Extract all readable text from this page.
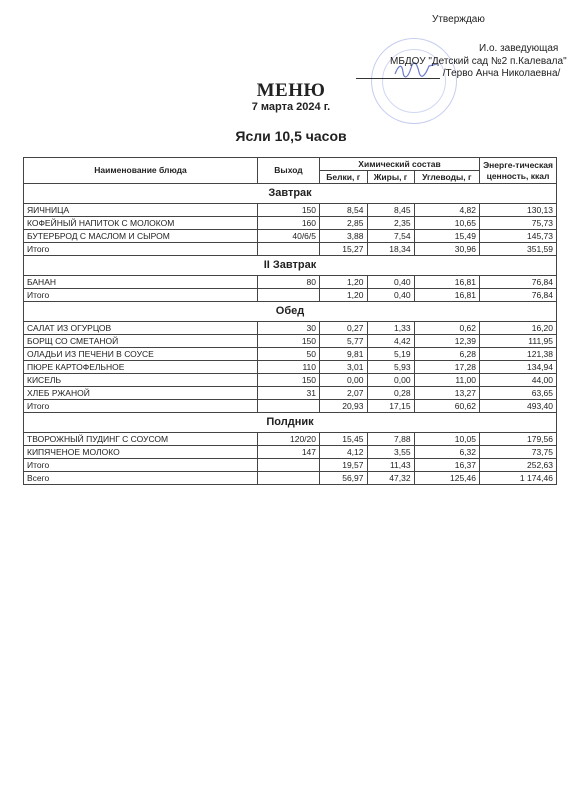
Утверждаю
И.о. заведующая
МБДОУ "Детский сад №2 п.Калевала"
/Терво Анча Николаевна/
МЕНЮ
7 марта 2024 г.
Ясли 10,5 часов
Наименование блюда	Выход	Химический состав			Энерге-тическая ценность, ккал
		Белки, г	Жиры, г	Углеводы, г	
Завтрак					
ЯИЧНИЦА	150	8,54	8,45	4,82	130,13
КОФЕЙНЫЙ НАПИТОК С МОЛОКОМ	160	2,85	2,35	10,65	75,73
БУТЕРБРОД С МАСЛОМ И СЫРОМ	40/6/5	3,88	7,54	15,49	145,73
Итого		15,27	18,34	30,96	351,59
II Завтрак					
БАНАН	80	1,20	0,40	16,81	76,84
Итого		1,20	0,40	16,81	76,84
Обед					
САЛАТ ИЗ ОГУРЦОВ	30	0,27	1,33	0,62	16,20
БОРЩ СО СМЕТАНОЙ	150	5,77	4,42	12,39	111,95
ОЛАДЬИ ИЗ ПЕЧЕНИ В СОУСЕ	50	9,81	5,19	6,28	121,38
ПЮРЕ КАРТОФЕЛЬНОЕ	110	3,01	5,93	17,28	134,94
КИСЕЛЬ	150	0,00	0,00	11,00	44,00
ХЛЕБ РЖАНОЙ	31	2,07	0,28	13,27	63,65
Итого		20,93	17,15	60,62	493,40
Полдник					
ТВОРОЖНЫЙ ПУДИНГ С СОУСОМ	120/20	15,45	7,88	10,05	179,56
КИПЯЧЕНОЕ МОЛОКО	147	4,12	3,55	6,32	73,75
Итого		19,57	11,43	16,37	252,63
Всего		56,97	47,32	125,46	1 174,46
